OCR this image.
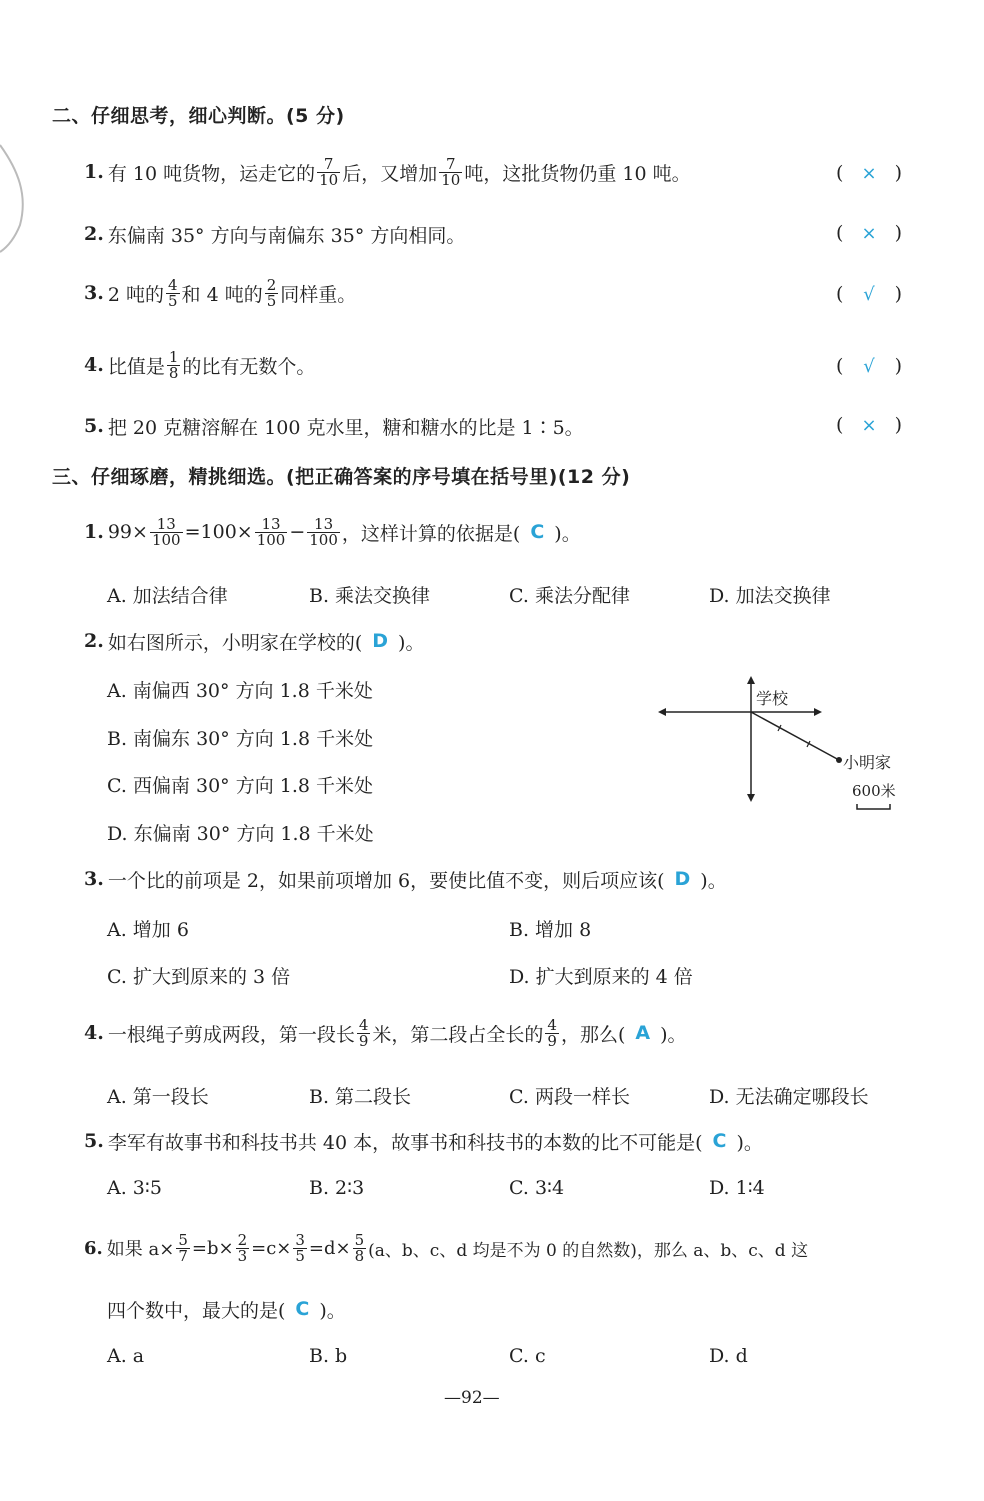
二、仔细思考，细心判断。(5 分)
1. 有 10 吨货物，运走它的 $\frac{7}{10}$ 后，又增加 $\frac{7}{10}$ 吨，这批货物仍重 10 吨。	( × )
2. 东偏南 35° 方向与南偏东 35° 方向相同。	( × )
3. 2 吨的 $\frac{4}{5}$ 和 4 吨的 $\frac{2}{5}$ 同样重。	( √ )
4. 比值是 $\frac{1}{8}$ 的比有无数个。	( √ )
5. 把 20 克糖溶解在 100 克水里，糖和糖水的比是 1∶5。	( × )
三、仔细琢磨，精挑细选。(把正确答案的序号填在括号里)(12 分)
1. $99\times \frac{13}{100} =100\times \frac{13}{100} - \frac{13}{100}$ ，这样计算的依据是( C )。
A. 加法结合律	B. 乘法交换律	C. 乘法分配律	D. 加法交换律
2. 如右图所示，小明家在学校的( D )。
A. 南偏西 30° 方向 1.8 千米处
B. 南偏东 30° 方向 1.8 千米处
C. 西偏南 30° 方向 1.8 千米处
D. 东偏南 30° 方向 1.8 千米处
学校
小明家
600米
3. 一个比的前项是 2，如果前项增加 6，要使比值不变，则后项应该( D )。
A. 增加 6	B. 增加 8
C. 扩大到原来的 3 倍	D. 扩大到原来的 4 倍
4. 一根绳子剪成两段，第一段长 $\frac{4}{9}$ 米，第二段占全长的 $\frac{4}{9}$ ，那么( A )。
A. 第一段长	B. 第二段长	C. 两段一样长	D. 无法确定哪段长
5. 李军有故事书和科技书共 40 本，故事书和科技书的本数的比不可能是( C )。
A. 3∶5	B. 2∶3	C. 3∶4	D. 1∶4
6. 如果 $a\times \frac{5}{7} =b\times \frac{2}{3} =c\times \frac{3}{5} =d\times \frac{5}{8} (a$、b、c、d 均是不为 0 的自然数)，那么 a、b、c、d 这
四个数中，最大的是( C )。
A. a	B. b	C. c	D. d
—92—
